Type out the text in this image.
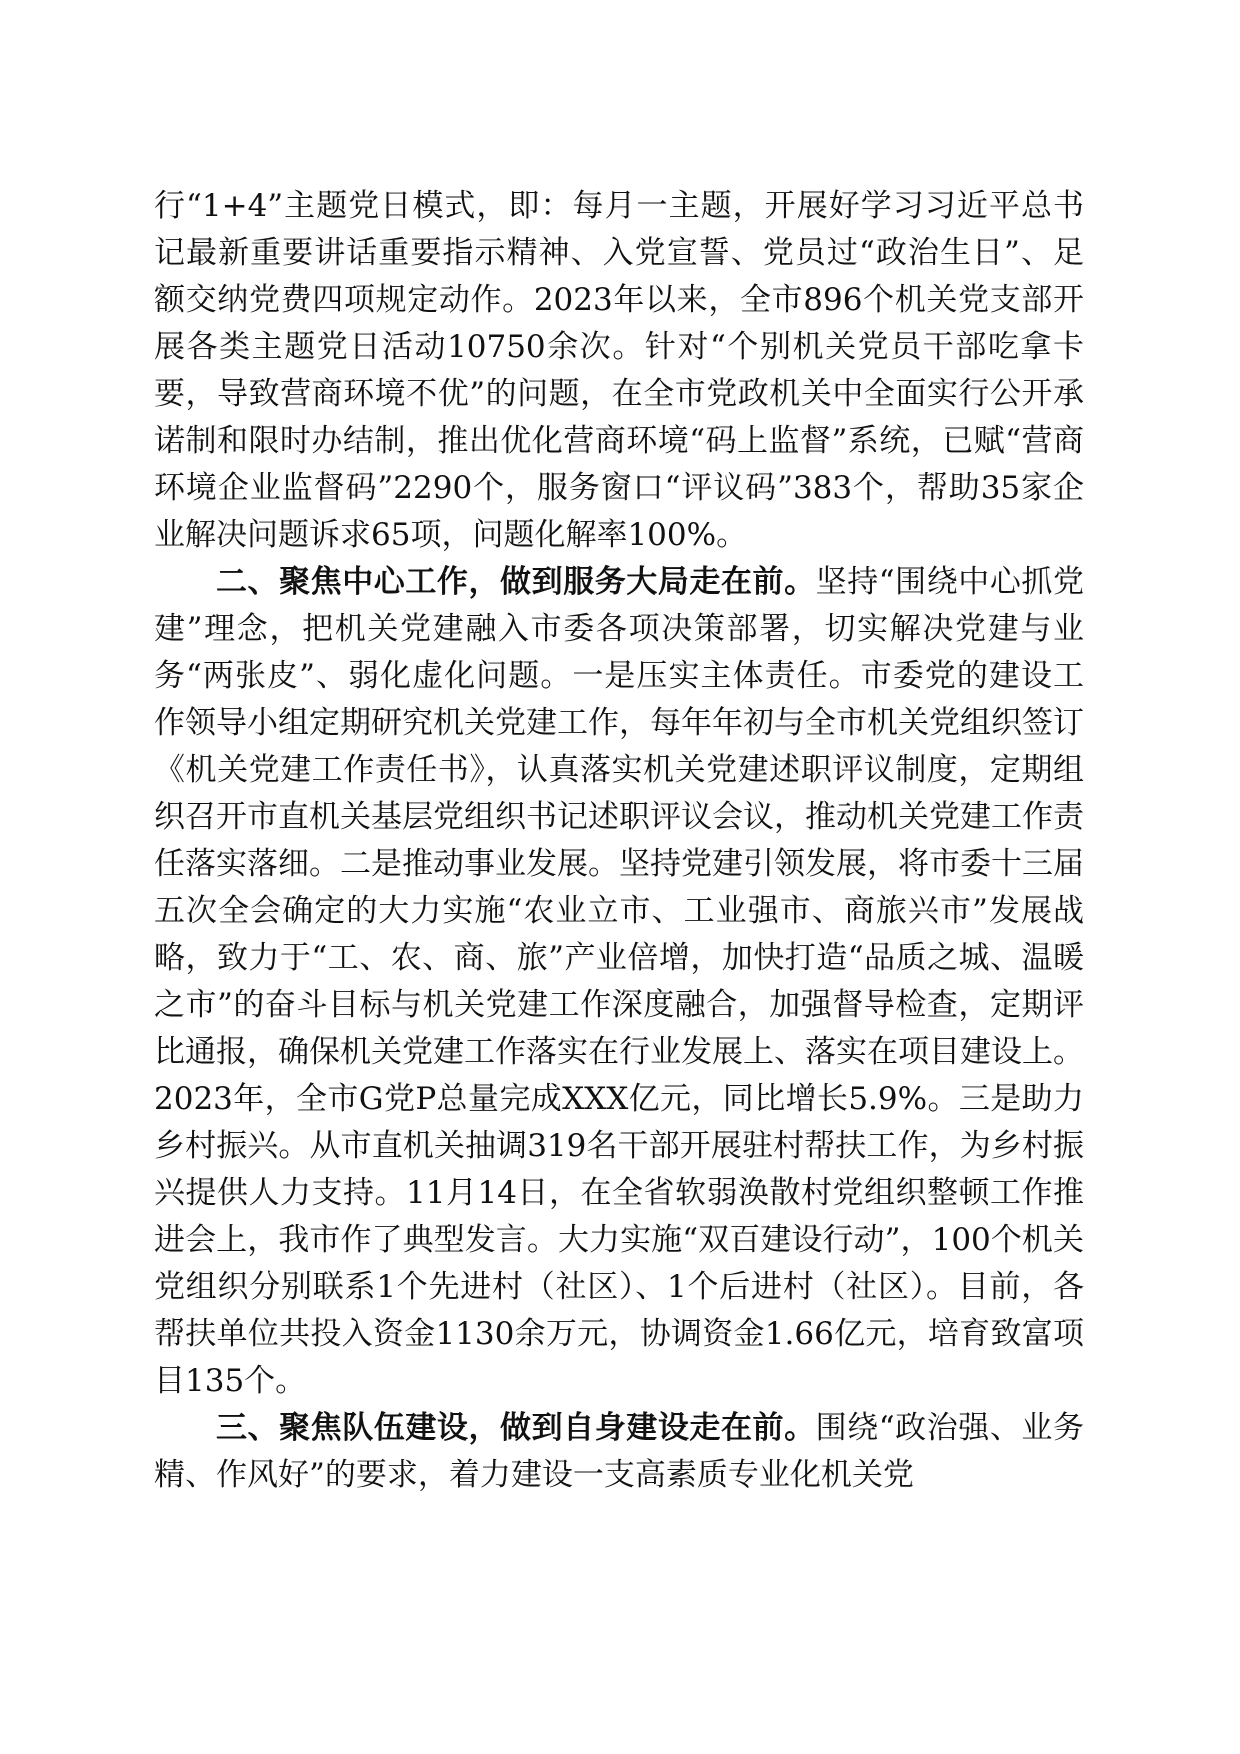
行“1+4”主题党日模式，即：每月一主题，开展好学习习近平总书记最新重要讲话重要指示精神、入党宣誓、党员过“政治生日”、足额交纳党费四项规定动作。2023年以来，全市896个机关党支部开展各类主题党日活动10750余次。针对“个别机关党员干部吃拿卡要，导致营商环境不优”的问题，在全市党政机关中全面实行公开承诺制和限时办结制，推出优化营商环境“码上监督”系统，已赋“营商环境企业监督码”2290个，服务窗口“评议码”383个，帮助35家企业解决问题诉求65项，问题化解率100%。

二、聚焦中心工作，做到服务大局走在前。坚持“围绕中心抓党建”理念，把机关党建融入市委各项决策部署，切实解决党建与业务“两张皮”、弱化虚化问题。一是压实主体责任。市委党的建设工作领导小组定期研究机关党建工作，每年年初与全市机关党组织签订《机关党建工作责任书》，认真落实机关党建述职评议制度，定期组织召开市直机关基层党组织书记述职评议会议，推动机关党建工作责任落实落细。二是推动事业发展。坚持党建引领发展，将市委十三届五次全会确定的大力实施“农业立市、工业强市、商旅兴市”发展战略，致力于“工、农、商、旅”产业倍增，加快打造“品质之城、温暖之市”的奋斗目标与机关党建工作深度融合，加强督导检查，定期评比通报，确保机关党建工作落实在行业发展上、落实在项目建设上。2023年，全市G党P总量完成XXX亿元，同比增长5.9%。三是助力乡村振兴。从市直机关抽调319名干部开展驻村帮扶工作，为乡村振兴提供人力支持。11月14日，在全省软弱涣散村党组织整顿工作推进会上，我市作了典型发言。大力实施“双百建设行动”，100个机关党组织分别联系1个先进村（社区）、1个后进村（社区）。目前，各帮扶单位共投入资金1130余万元，协调资金1.66亿元，培育致富项目135个。

三、聚焦队伍建设，做到自身建设走在前。围绕“政治强、业务精、作风好”的要求，着力建设一支高素质专业化机关党
